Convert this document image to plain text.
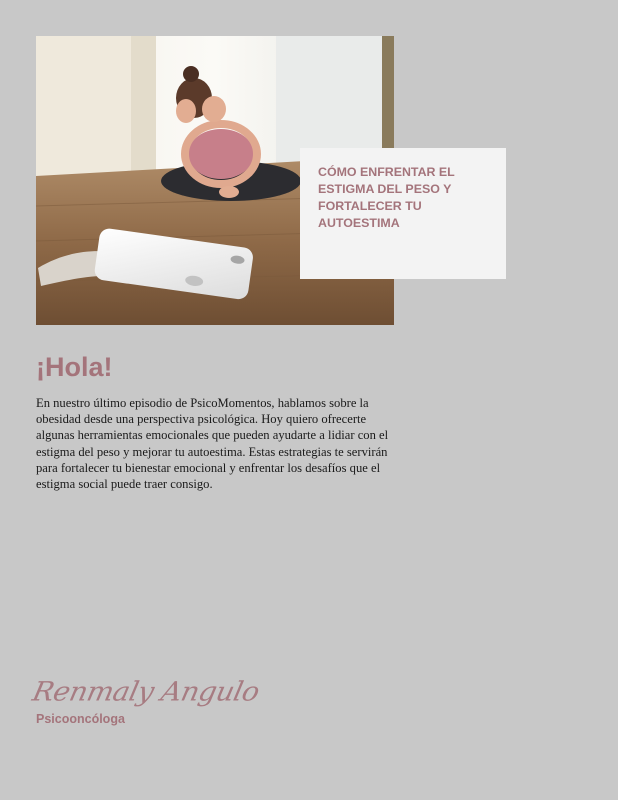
CÓMO ENFRENTAR EL ESTIGMA DEL PESO Y FORTALECER TU AUTOESTIMA
¡Hola!

En nuestro último episodio de PsicoMomentos, hablamos sobre la obesidad desde una perspectiva psicológica. Hoy quiero ofrecerte algunas herramientas emocionales que pueden ayudarte a lidiar con el estigma del peso y mejorar tu autoestima. Estas estrategias te servirán para fortalecer tu bienestar emocional y enfrentar los desafíos que el estigma social puede traer consigo.

Renmaly Angulo
Psicooncóloga
